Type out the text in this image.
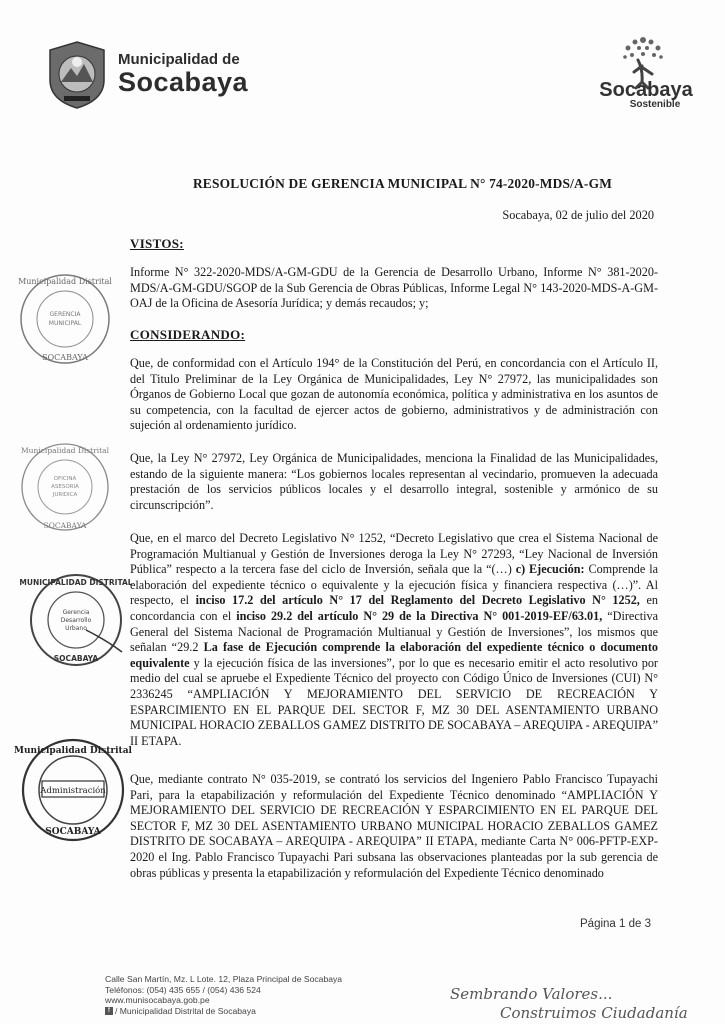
Municipalidad de
Socabaya	Socabaya
Sostenible
RESOLUCIÓN DE GERENCIA MUNICIPAL N° 74-2020-MDS/A-GM
Socabaya, 02 de julio del 2020
VISTOS:
Informe N° 322-2020-MDS/A-GM-GDU de la Gerencia de Desarrollo Urbano, Informe N° 381-2020-MDS/A-GM-GDU/SGOP de la Sub Gerencia de Obras Públicas, Informe Legal N° 143-2020-MDS-A-GM-OAJ de la Oficina de Asesoría Jurídica; y demás recaudos; y;
CONSIDERANDO:
Que, de conformidad con el Artículo 194° de la Constitución del Perú, en concordancia con el Artículo II, del Titulo Preliminar de la Ley Orgánica de Municipalidades, Ley N° 27972, las municipalidades son Órganos de Gobierno Local que gozan de autonomía económica, política y administrativa en los asuntos de su competencia, con la facultad de ejercer actos de gobierno, administrativos y de administración con sujeción al ordenamiento jurídico.
Que, la Ley N° 27972, Ley Orgánica de Municipalidades, menciona la Finalidad de las Municipalidades, estando de la siguiente manera: “Los gobiernos locales representan al vecindario, promueven la adecuada prestación de los servicios públicos locales y el desarrollo integral, sostenible y armónico de su circunscripción”.
Que, en el marco del Decreto Legislativo N° 1252, “Decreto Legislativo que crea el Sistema Nacional de Programación Multianual y Gestión de Inversiones deroga la Ley N° 27293, “Ley Nacional de Inversión Pública” respecto a la tercera fase del ciclo de Inversión, señala que la “(…) c) Ejecución: Comprende la elaboración del expediente técnico o equivalente y la ejecución física y financiera respectiva (…)”. Al respecto, el inciso 17.2 del artículo N° 17 del Reglamento del Decreto Legislativo N° 1252, en concordancia con el inciso 29.2 del artículo N° 29 de la Directiva N° 001-2019-EF/63.01, “Directiva General del Sistema Nacional de Programación Multianual y Gestión de Inversiones”, los mismos que señalan “29.2 La fase de Ejecución comprende la elaboración del expediente técnico o documento equivalente y la ejecución física de las inversiones”, por lo que es necesario emitir el acto resolutivo por medio del cual se apruebe el Expediente Técnico del proyecto con Código Único de Inversiones (CUI) N° 2336245 “AMPLIACIÓN Y MEJORAMIENTO DEL SERVICIO DE RECREACIÓN Y ESPARCIMIENTO EN EL PARQUE DEL SECTOR F, MZ 30 DEL ASENTAMIENTO URBANO MUNICIPAL HORACIO ZEBALLOS GAMEZ DISTRITO DE SOCABAYA – AREQUIPA - AREQUIPA” II ETAPA.
Que, mediante contrato N° 035-2019, se contrató los servicios del Ingeniero Pablo Francisco Tupayachi Pari, para la etapabilización y reformulación del Expediente Técnico denominado “AMPLIACIÓN Y MEJORAMIENTO DEL SERVICIO DE RECREACIÓN Y ESPARCIMIENTO EN EL PARQUE DEL SECTOR F, MZ 30 DEL ASENTAMIENTO URBANO MUNICIPAL HORACIO ZEBALLOS GAMEZ DISTRITO DE SOCABAYA – AREQUIPA - AREQUIPA” II ETAPA, mediante Carta N° 006-PFTP-EXP-2020 el Ing. Pablo Francisco Tupayachi Pari subsana las observaciones planteadas por la sub gerencia de obras públicas y presenta la etapabilización y reformulación del Expediente Técnico denominado
Municipalidad Distrital
SOCABAYA
GERENCIA
MUNICIPAL
Municipalidad Distrital
SOCABAYA
OFICINA
ASESORIA
JURIDICA
MUNICIPALIDAD DISTRITAL
SOCABAYA
Gerencia
Desarrollo
Urbano
Municipalidad Distrital
SOCABAYA
Administración
Página 1 de 3
Calle San Martín, Mz. L Lote. 12, Plaza Principal de Socabaya
Teléfonos: (054) 435 655 / (054) 436 524
www.munisocabaya.gob.pe
f / Municipalidad Distrital de Socabaya
Sembrando Valores...
Construimos Ciudadanía
